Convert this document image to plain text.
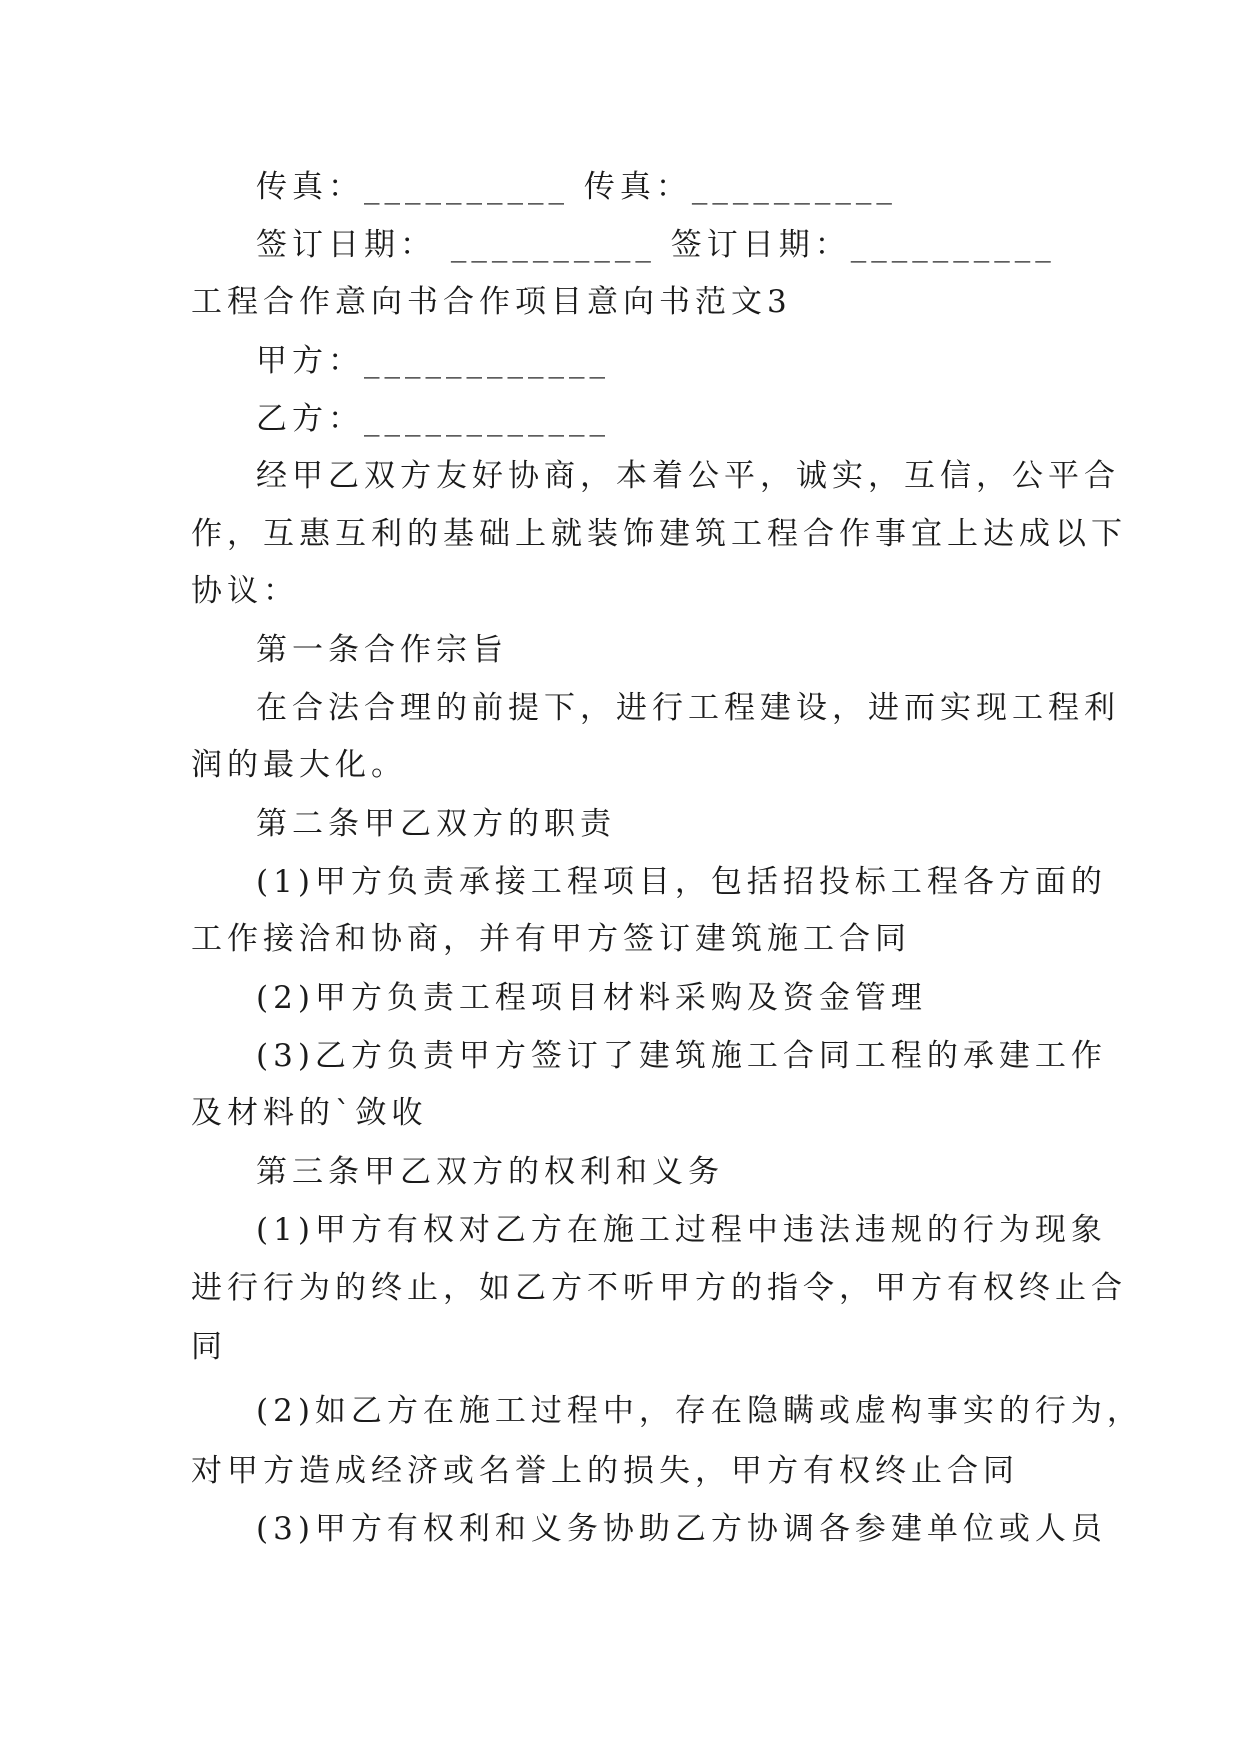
传真：__________ 传真：__________
签订日期： __________ 签订日期：__________
工程合作意向书合作项目意向书范文3
甲方：____________
乙方：____________
经甲乙双方友好协商，本着公平，诚实，互信，公平合
作，互惠互利的基础上就装饰建筑工程合作事宜上达成以下
协议：
第一条合作宗旨
在合法合理的前提下，进行工程建设，进而实现工程利
润的最大化。
第二条甲乙双方的职责
(1)甲方负责承接工程项目，包括招投标工程各方面的
工作接洽和协商，并有甲方签订建筑施工合同
(2)甲方负责工程项目材料采购及资金管理
(3)乙方负责甲方签订了建筑施工合同工程的承建工作
及材料的`敛收
第三条甲乙双方的权利和义务
(1)甲方有权对乙方在施工过程中违法违规的行为现象
进行行为的终止，如乙方不听甲方的指令，甲方有权终止合
同
(2)如乙方在施工过程中，存在隐瞒或虚构事实的行为，
对甲方造成经济或名誉上的损失，甲方有权终止合同
(3)甲方有权利和义务协助乙方协调各参建单位或人员
